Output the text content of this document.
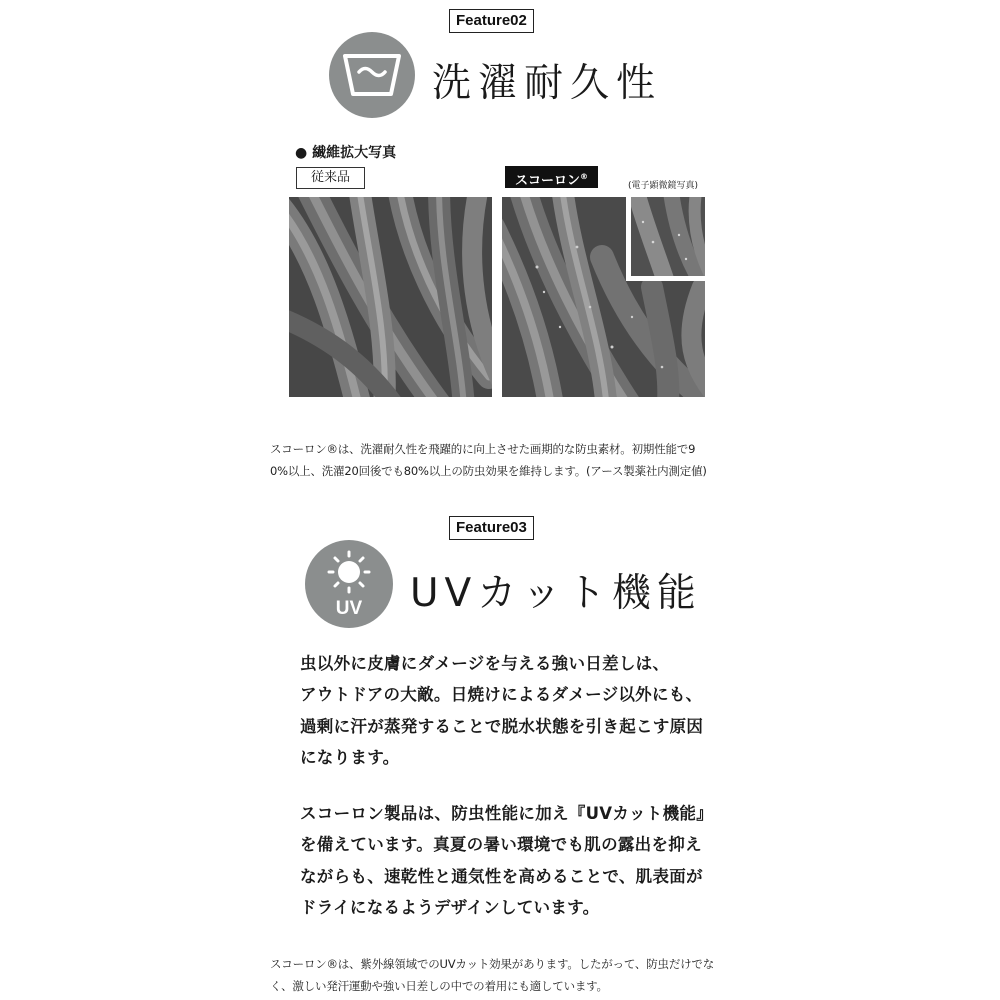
Feature02
洗濯耐久性
● 繊維拡大写真
従来品	スコーロン®
(電子顕微鏡写真)
スコーロン®は、洗濯耐久性を飛躍的に向上させた画期的な防虫素材。初期性能で9
0%以上、洗濯20回後でも80%以上の防虫効果を維持します。(アース製薬社内測定値)
Feature03
UV UVカット機能
虫以外に皮膚にダメージを与える強い日差しは、
アウトドアの大敵。日焼けによるダメージ以外にも、
過剰に汗が蒸発することで脱水状態を引き起こす原因
になります。
スコーロン製品は、防虫性能に加え『UVカット機能』
を備えています。真夏の暑い環境でも肌の露出を抑え
ながらも、速乾性と通気性を高めることで、肌表面が
ドライになるようデザインしています。
スコーロン®は、紫外線領域でのUVカット効果があります。したがって、防虫だけでな
く、激しい発汗運動や強い日差しの中での着用にも適しています。
